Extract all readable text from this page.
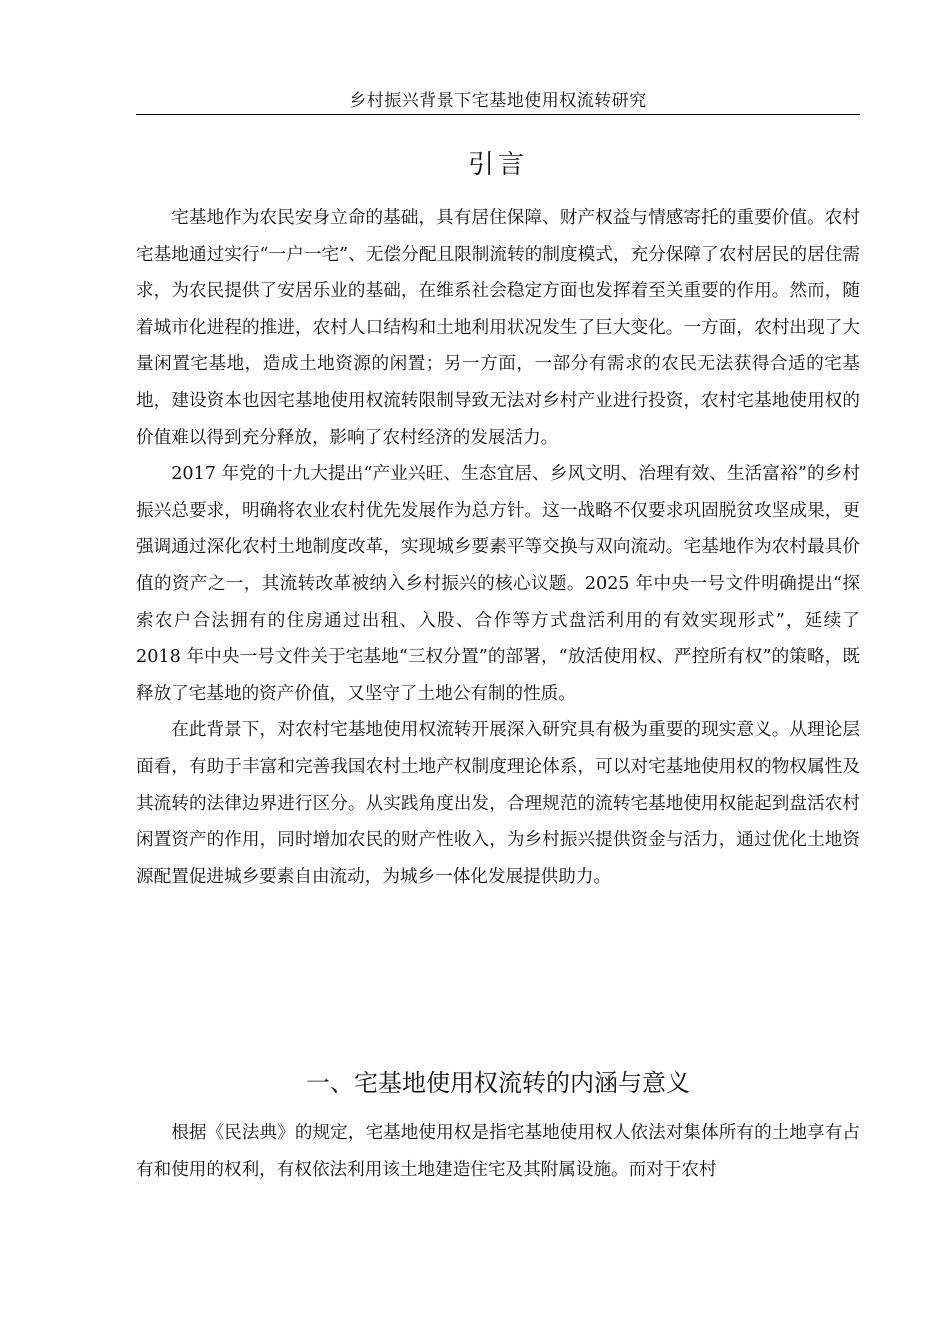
乡村振兴背景下宅基地使用权流转研究
引言

宅基地作为农民安身立命的基础，具有居住保障、财产权益与情感寄托的重要价值。农村宅基地通过实行“一户一宅”、无偿分配且限制流转的制度模式，充分保障了农村居民的居住需求，为农民提供了安居乐业的基础，在维系社会稳定方面也发挥着至关重要的作用。然而，随着城市化进程的推进，农村人口结构和土地利用状况发生了巨大变化。一方面，农村出现了大量闲置宅基地，造成土地资源的闲置；另一方面，一部分有需求的农民无法获得合适的宅基地，建设资本也因宅基地使用权流转限制导致无法对乡村产业进行投资，农村宅基地使用权的价值难以得到充分释放，影响了农村经济的发展活力。

2017 年党的十九大提出“产业兴旺、生态宜居、乡风文明、治理有效、生活富裕”的乡村振兴总要求，明确将农业农村优先发展作为总方针。这一战略不仅要求巩固脱贫攻坚成果，更强调通过深化农村土地制度改革，实现城乡要素平等交换与双向流动。宅基地作为农村最具价值的资产之一，其流转改革被纳入乡村振兴的核心议题。2025 年中央一号文件明确提出“探索农户合法拥有的住房通过出租、入股、合作等方式盘活利用的有效实现形式”，延续了 2018 年中央一号文件关于宅基地“三权分置”的部署，“放活使用权、严控所有权”的策略，既释放了宅基地的资产价值，又坚守了土地公有制的性质。

在此背景下，对农村宅基地使用权流转开展深入研究具有极为重要的现实意义。从理论层面看，有助于丰富和完善我国农村土地产权制度理论体系，可以对宅基地使用权的物权属性及其流转的法律边界进行区分。从实践角度出发，合理规范的流转宅基地使用权能起到盘活农村闲置资产的作用，同时增加农民的财产性收入，为乡村振兴提供资金与活力，通过优化土地资源配置促进城乡要素自由流动，为城乡一体化发展提供助力。

一、宅基地使用权流转的内涵与意义

根据《民法典》的规定，宅基地使用权是指宅基地使用权人依法对集体所有的土地享有占有和使用的权利，有权依法利用该土地建造住宅及其附属设施。而对于农村
